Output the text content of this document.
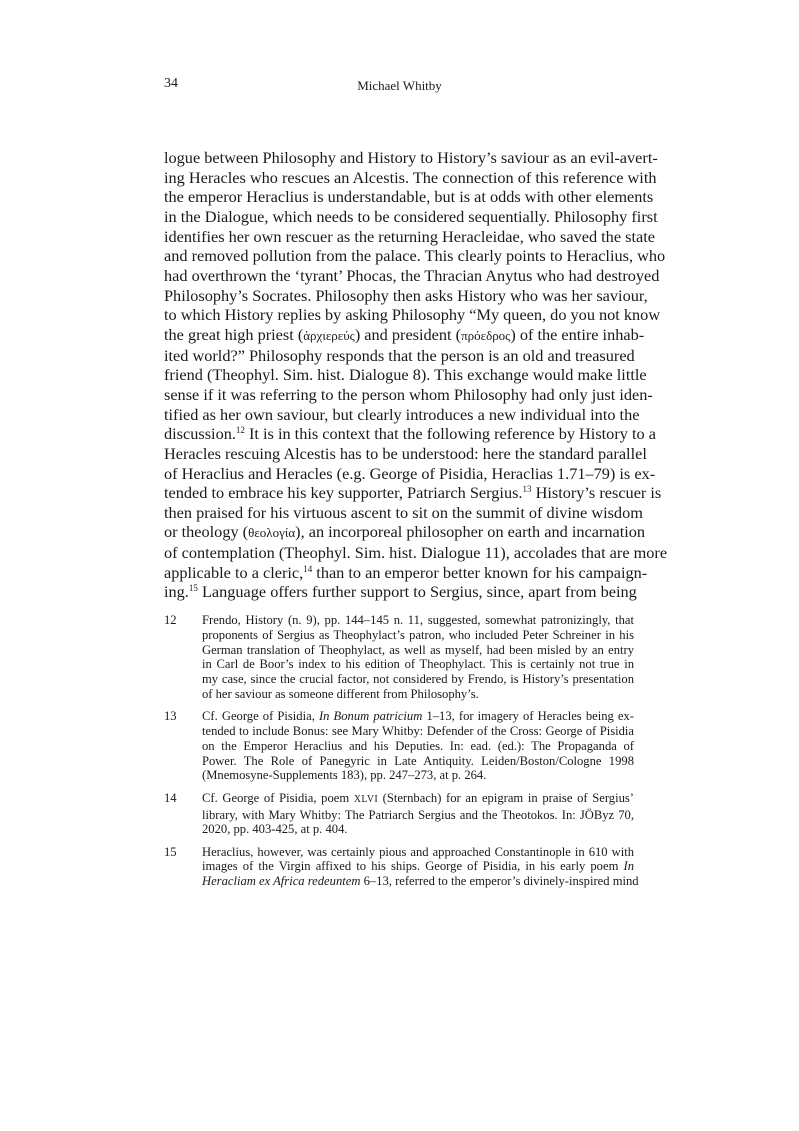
34	Michael Whitby
logue between Philosophy and History to History’s saviour as an evil-avert-
ing Heracles who rescues an Alcestis. The connection of this reference with
the emperor Heraclius is understandable, but is at odds with other elements
in the Dialogue, which needs to be considered sequentially. Philosophy first
identifies her own rescuer as the returning Heracleidae, who saved the state
and removed pollution from the palace. This clearly points to Heraclius, who
had overthrown the ‘tyrant’ Phocas, the Thracian Anytus who had destroyed
Philosophy’s Socrates. Philosophy then asks History who was her saviour,
to which History replies by asking Philosophy “My queen, do you not know
the great high priest (ἀρχιερεύς) and president (πρόεδρος) of the entire inhab-
ited world?” Philosophy responds that the person is an old and treasured
friend (Theophyl. Sim. hist. Dialogue 8). This exchange would make little
sense if it was referring to the person whom Philosophy had only just iden-
tified as her own saviour, but clearly introduces a new individual into the
discussion.$^{12}$ It is in this context that the following reference by History to a
Heracles rescuing Alcestis has to be understood: here the standard parallel
of Heraclius and Heracles (e.g. George of Pisidia, Heraclias 1.71–79) is ex-
tended to embrace his key supporter, Patriarch Sergius.$^{13}$ History’s rescuer is
then praised for his virtuous ascent to sit on the summit of divine wisdom
or theology (θεολογία), an incorporeal philosopher on earth and incarnation
of contemplation (Theophyl. Sim. hist. Dialogue 11), accolades that are more
applicable to a cleric,$^{14}$ than to an emperor better known for his campaign-
ing.$^{15}$ Language offers further support to Sergius, since, apart from being
12 Frendo, History (n. 9), pp. 144–145 n. 11, suggested, somewhat patronizingly, that
proponents of Sergius as Theophylact’s patron, who included Peter Schreiner in his
German translation of Theophylact, as well as myself, had been misled by an entry
in Carl de Boor’s index to his edition of Theophylact. This is certainly not true in
my case, since the crucial factor, not considered by Frendo, is History’s presentation
of her saviour as someone different from Philosophy’s.
13 Cf. George of Pisidia, In Bonum patricium 1–13, for imagery of Heracles being ex-
tended to include Bonus: see Mary Whitby: Defender of the Cross: George of Pisidia
on the Emperor Heraclius and his Deputies. In: ead. (ed.): The Propaganda of
Power. The Role of Panegyric in Late Antiquity. Leiden/Boston/Cologne 1998
(Mnemosyne-Supplements 183), pp. 247–273, at p. 264.
14 Cf. George of Pisidia, poem XLVI (Sternbach) for an epigram in praise of Sergius’
library, with Mary Whitby: The Patriarch Sergius and the Theotokos. In: JÖByz 70,
2020, pp. 403-425, at p. 404.
15 Heraclius, however, was certainly pious and approached Constantinople in 610 with
images of the Virgin affixed to his ships. George of Pisidia, in his early poem In
Heracliam ex Africa redeuntem 6–13, referred to the emperor’s divinely-inspired mind
